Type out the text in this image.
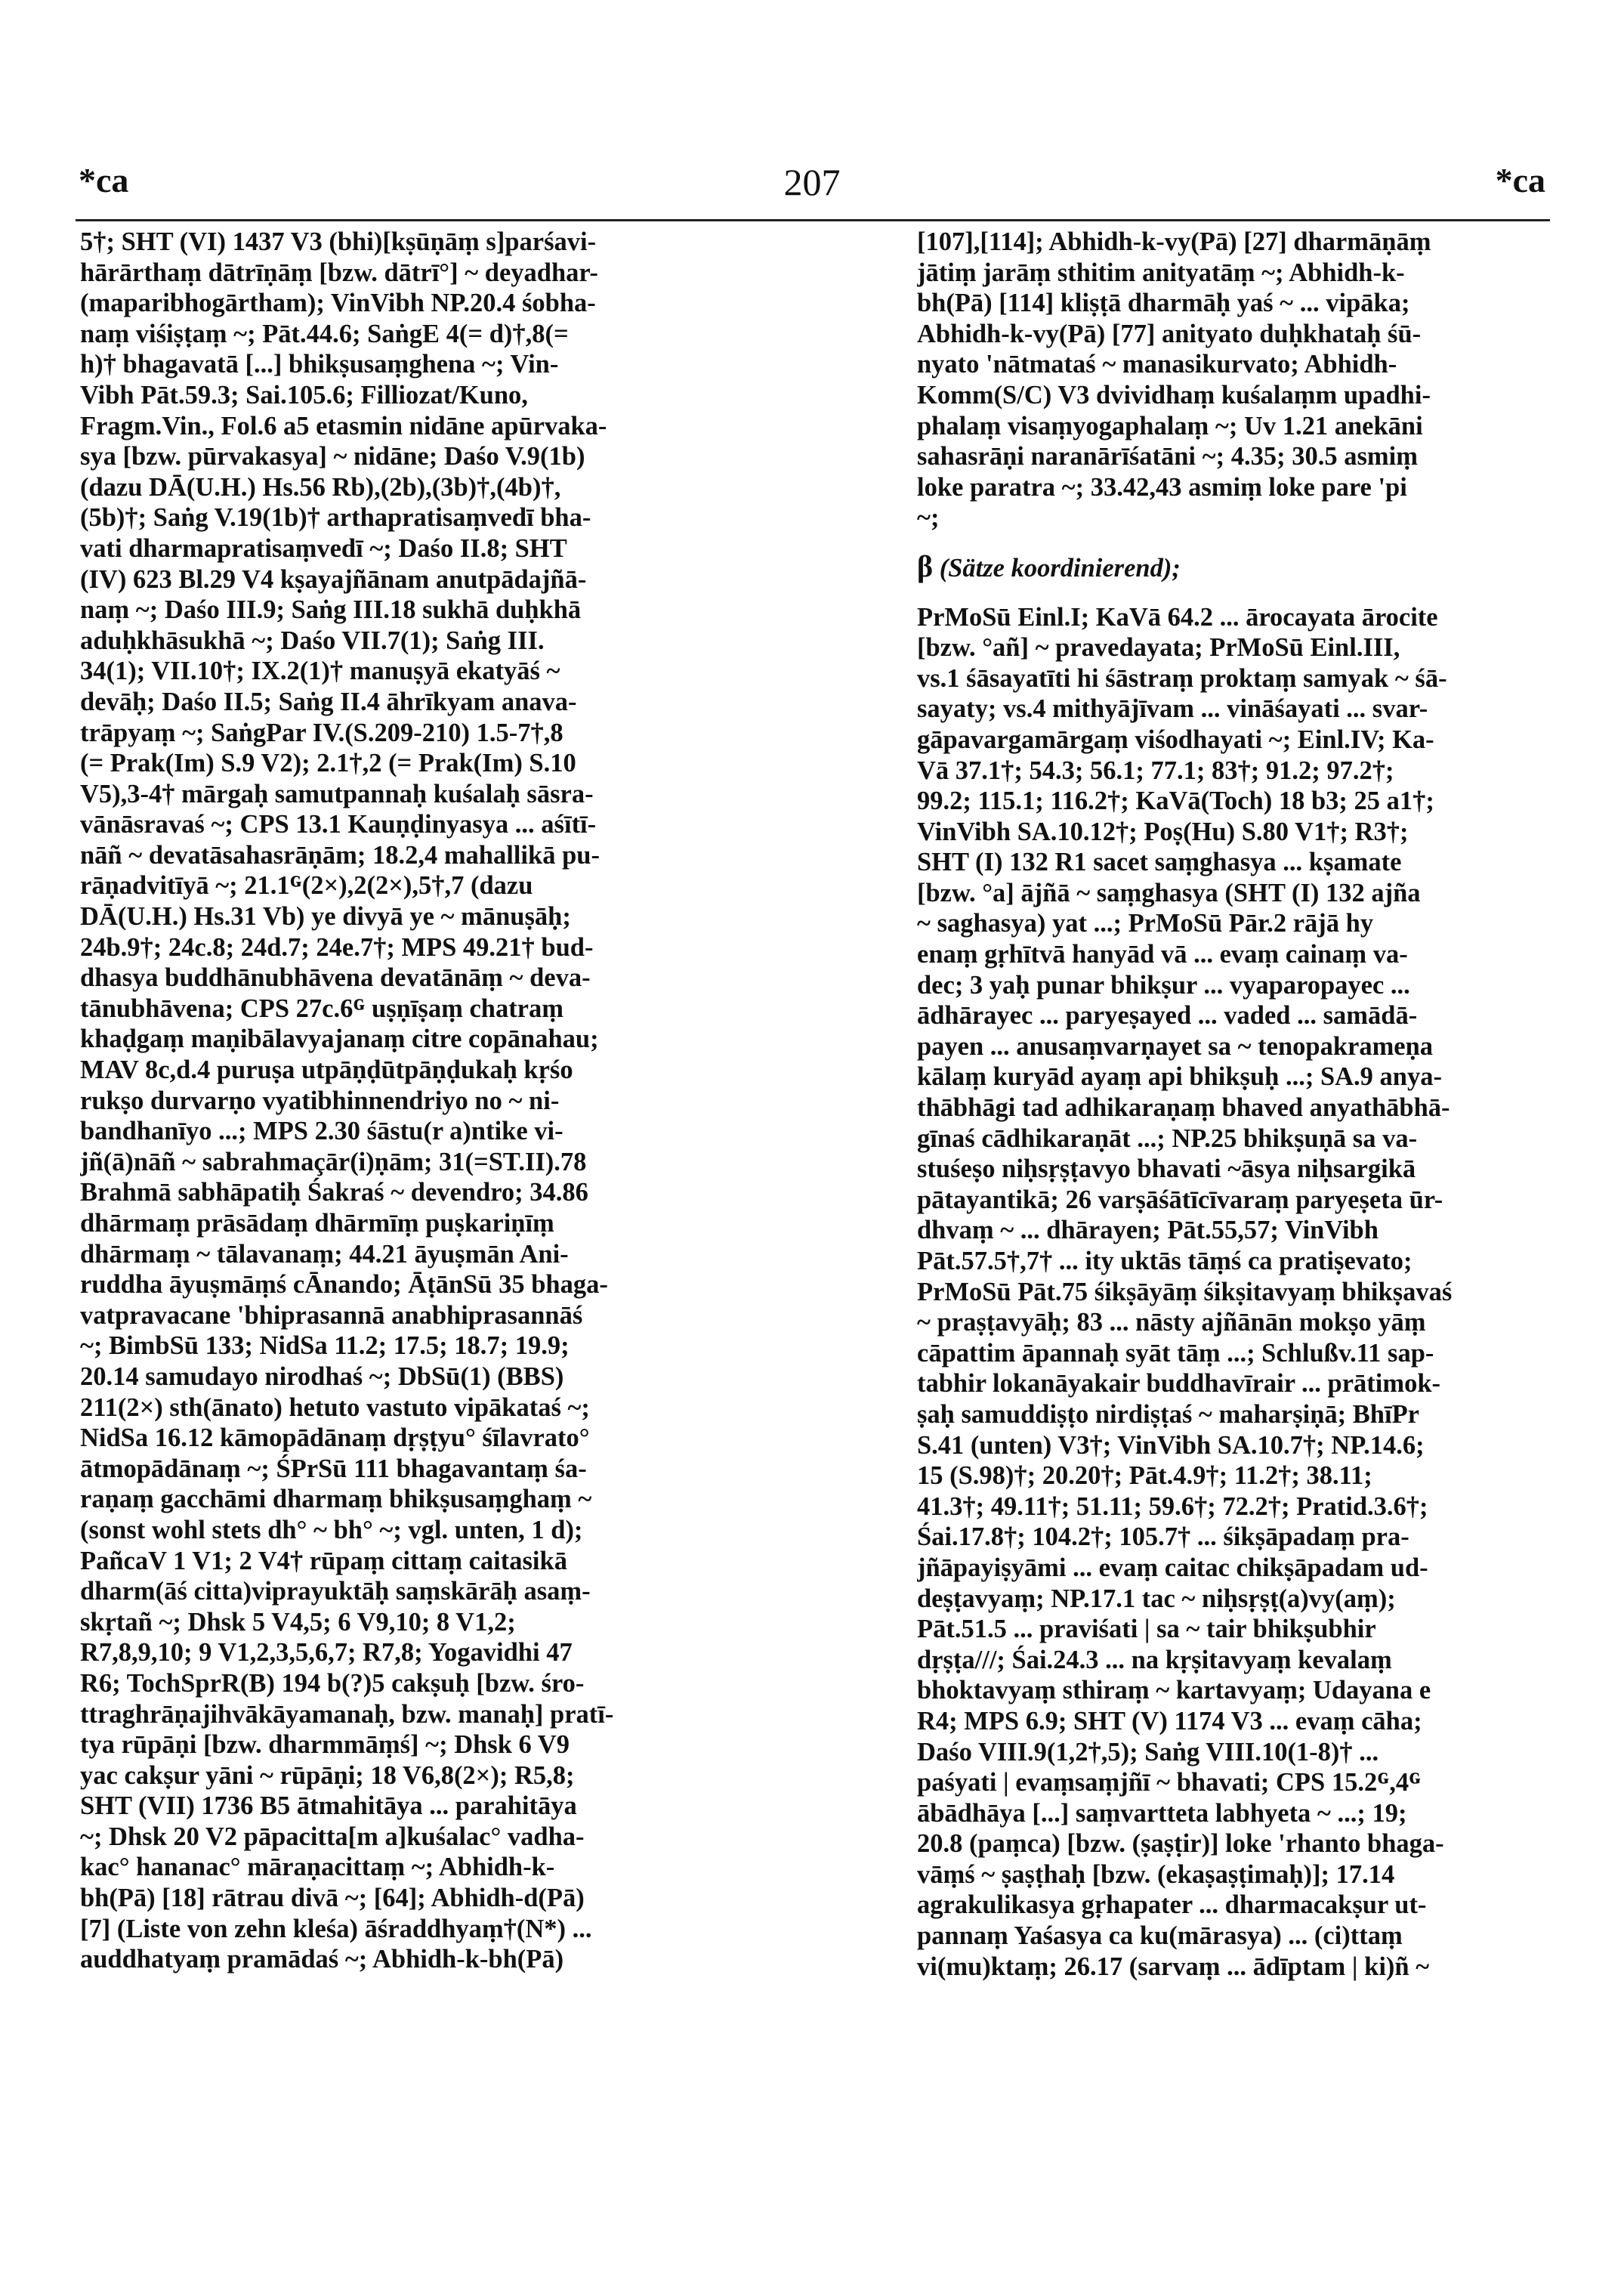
*ca	207	*ca
5†; SHT (VI) 1437 V3 (bhi)[kṣūṇāṃ s]parśavi-
hārārthaṃ dātrīṇāṃ [bzw. dātrī°] ~ deyadhar-
(maparibhogārtham); VinVibh NP.20.4 śobha-
naṃ viśiṣṭaṃ ~; Pāt.44.6; SaṅgE 4(= d)†,8(=
h)† bhagavatā [...] bhikṣusaṃghena ~; Vin-
Vibh Pāt.59.3; Sai.105.6; Filliozat/Kuno,
Fragm.Vin., Fol.6 a5 etasmin nidāne apūrvaka-
sya [bzw. pūrvakasya] ~ nidāne; Daśo V.9(1b)
(dazu DĀ(U.H.) Hs.56 Rb),(2b),(3b)†,(4b)†,
(5b)†; Saṅg V.19(1b)† arthapratisaṃvedī bha-
vati dharmapratisaṃvedī ~; Daśo II.8; SHT
(IV) 623 Bl.29 V4 kṣayajñānam anutpādajñā-
naṃ ~; Daśo III.9; Saṅg III.18 sukhā duḥkhā
aduḥkhāsukhā ~; Daśo VII.7(1); Saṅg III.
34(1); VII.10†; IX.2(1)† manuṣyā ekatyāś ~
devāḥ; Daśo II.5; Saṅg II.4 āhrīkyam anava-
trāpyaṃ ~; SaṅgPar IV.(S.209-210) 1.5-7†,8
(= Prak(Im) S.9 V2); 2.1†,2 (= Prak(Im) S.10
V5),3-4† mārgaḥ samutpannaḥ kuśalaḥ sāsra-
vānāsravaś ~; CPS 13.1 Kauṇḍinyasya ... aśītī-
nāñ ~ devatāsahasrāṇām; 18.2,4 mahallikā pu-
rāṇadvitīyā ~; 21.1ᴳ(2×),2(2×),5†,7 (dazu
DĀ(U.H.) Hs.31 Vb) ye divyā ye ~ mānuṣāḥ;
24b.9†; 24c.8; 24d.7; 24e.7†; MPS 49.21† bud-
dhasya buddhānubhāvena devatānāṃ ~ deva-
tānubhāvena; CPS 27c.6ᴳ uṣṇīṣaṃ chatraṃ
khaḍgaṃ maṇibālavyajanaṃ citre copānahau;
MAV 8c,d.4 puruṣa utpāṇḍūtpāṇḍukaḥ kṛśo
rukṣo durvarṇo vyatibhinnendriyo no ~ ni-
bandhanīyo ...; MPS 2.30 śāstu(r a)ntike vi-
jñ(ā)nāñ ~ sabrahmaçār(i)ṇām; 31(=ST.II).78
Brahmā sabhāpatiḥ Śakraś ~ devendro; 34.86
dhārmaṃ prāsādaṃ dhārmīṃ puṣkariṇīṃ
dhārmaṃ ~ tālavanaṃ; 44.21 āyuṣmān Ani-
ruddha āyuṣmāṃś cĀnando; ĀṭānSū 35 bhaga-
vatpravacane 'bhiprasannā anabhiprasannāś
~; BimbSū 133; NidSa 11.2; 17.5; 18.7; 19.9;
20.14 samudayo nirodhaś ~; DbSū(1) (BBS)
211(2×) sth(ānato) hetuto vastuto vipākataś ~;
NidSa 16.12 kāmopādānaṃ dṛṣṭyu° śīlavrato°
ātmopādānaṃ ~; ŚPrSū 111 bhagavantaṃ śa-
raṇaṃ gacchāmi dharmaṃ bhikṣusaṃghaṃ ~
(sonst wohl stets dh° ~ bh° ~; vgl. unten, 1 d);
PañcaV 1 V1; 2 V4† rūpaṃ cittaṃ caitasikā
dharm(āś citta)viprayuktāḥ saṃskārāḥ asaṃ-
skṛtañ ~; Dhsk 5 V4,5; 6 V9,10; 8 V1,2;
R7,8,9,10; 9 V1,2,3,5,6,7; R7,8; Yogavidhi 47
R6; TochSprR(B) 194 b(?)5 cakṣuḥ [bzw. śro-
ttraghrāṇajihvākāyamanaḥ, bzw. manaḥ] pratī-
tya rūpāṇi [bzw. dharmmāṃś] ~; Dhsk 6 V9
yac cakṣur yāni ~ rūpāṇi; 18 V6,8(2×); R5,8;
SHT (VII) 1736 B5 ātmahitāya ... parahitāya
~; Dhsk 20 V2 pāpacitta[m a]kuśalac° vadha-
kac° hananac° māraṇacittaṃ ~; Abhidh-k-
bh(Pā) [18] rātrau divā ~; [64]; Abhidh-d(Pā)
[7] (Liste von zehn kleśa) āśraddhyaṃ†(N*) ...
auddhatyaṃ pramādaś ~; Abhidh-k-bh(Pā)
[107],[114]; Abhidh-k-vy(Pā) [27] dharmāṇāṃ
jātiṃ jarāṃ sthitim anityatāṃ ~; Abhidh-k-
bh(Pā) [114] kliṣṭā dharmāḥ yaś ~ ... vipāka;
Abhidh-k-vy(Pā) [77] anityato duḥkhataḥ śū-
nyato 'nātmataś ~ manasikurvato; Abhidh-
Komm(S/C) V3 dvividhaṃ kuśalaṃm upadhi-
phalaṃ visaṃyogaphalaṃ ~; Uv 1.21 anekāni
sahasrāṇi naranārīśatāni ~; 4.35; 30.5 asmiṃ
loke paratra ~; 33.42,43 asmiṃ loke pare 'pi
~;
β (Sätze koordinierend);
PrMoSū Einl.I; KaVā 64.2 ... ārocayata ārocite
[bzw. °añ] ~ pravedayata; PrMoSū Einl.III,
vs.1 śāsayatīti hi śāstraṃ proktaṃ samyak ~ śā-
sayaty; vs.4 mithyājīvam ... vināśayati ... svar-
gāpavargamārgaṃ viśodhayati ~; Einl.IV; Ka-
Vā 37.1†; 54.3; 56.1; 77.1; 83†; 91.2; 97.2†;
99.2; 115.1; 116.2†; KaVā(Toch) 18 b3; 25 a1†;
VinVibh SA.10.12†; Poṣ(Hu) S.80 V1†; R3†;
SHT (I) 132 R1 sacet saṃghasya ... kṣamate
[bzw. °a] ājñā ~ saṃghasya (SHT (I) 132 ajña
~ saghasya) yat ...; PrMoSū Pār.2 rājā hy
enaṃ gṛhītvā hanyād vā ... evaṃ cainaṃ va-
dec; 3 yaḥ punar bhikṣur ... vyaparopayec ...
ādhārayec ... paryeṣayed ... vaded ... samādā-
payen ... anusaṃvarṇayet sa ~ tenopakrameṇa
kālaṃ kuryād ayaṃ api bhikṣuḥ ...; SA.9 anya-
thābhāgi tad adhikaraṇaṃ bhaved anyathābhā-
gīnaś cādhikaraṇāt ...; NP.25 bhikṣuṇā sa va-
stuśeṣo niḥsṛṣṭavyo bhavati ~āsya niḥsargikā
pātayantikā; 26 varṣāśātīcīvaraṃ paryeṣeta ūr-
dhvaṃ ~ ... dhārayen; Pāt.55,57; VinVibh
Pāt.57.5†,7† ... ity uktās tāṃś ca pratiṣevato;
PrMoSū Pāt.75 śikṣāyāṃ śikṣitavyaṃ bhikṣavaś
~ praṣṭavyāḥ; 83 ... nāsty ajñānān mokṣo yāṃ
cāpattim āpannaḥ syāt tāṃ ...; Schlußv.11 sap-
tabhir lokanāyakair buddhavīrair ... prātimok-
ṣaḥ samuddiṣṭo nirdiṣṭaś ~ maharṣiṇā; BhīPr
S.41 (unten) V3†; VinVibh SA.10.7†; NP.14.6;
15 (S.98)†; 20.20†; Pāt.4.9†; 11.2†; 38.11;
41.3†; 49.11†; 51.11; 59.6†; 72.2†; Pratid.3.6†;
Śai.17.8†; 104.2†; 105.7† ... śikṣāpadaṃ pra-
jñāpayiṣyāmi ... evaṃ caitac chikṣāpadam ud-
deṣṭavyaṃ; NP.17.1 tac ~ niḥsṛṣṭ(a)vy(aṃ);
Pāt.51.5 ... praviśati | sa ~ tair bhikṣubhir
dṛṣṭa///; Śai.24.3 ... na kṛṣitavyaṃ kevalaṃ
bhoktavyaṃ sthiraṃ ~ kartavyaṃ; Udayana e
R4; MPS 6.9; SHT (V) 1174 V3 ... evaṃ cāha;
Daśo VIII.9(1,2†,5); Saṅg VIII.10(1-8)† ...
paśyati | evaṃsaṃjñī ~ bhavati; CPS 15.2ᴳ,4ᴳ
ābādhāya [...] saṃvartteta labhyeta ~ ...; 19;
20.8 (paṃca) [bzw. (ṣaṣṭir)] loke 'rhanto bhaga-
vāṃś ~ ṣaṣṭhaḥ [bzw. (ekaṣaṣṭimaḥ)]; 17.14
agrakulikasya gṛhapater ... dharmacakṣur ut-
pannaṃ Yaśasya ca ku(mārasya) ... (ci)ttaṃ
vi(mu)ktaṃ; 26.17 (sarvaṃ ... ādīptam | ki)ñ ~
